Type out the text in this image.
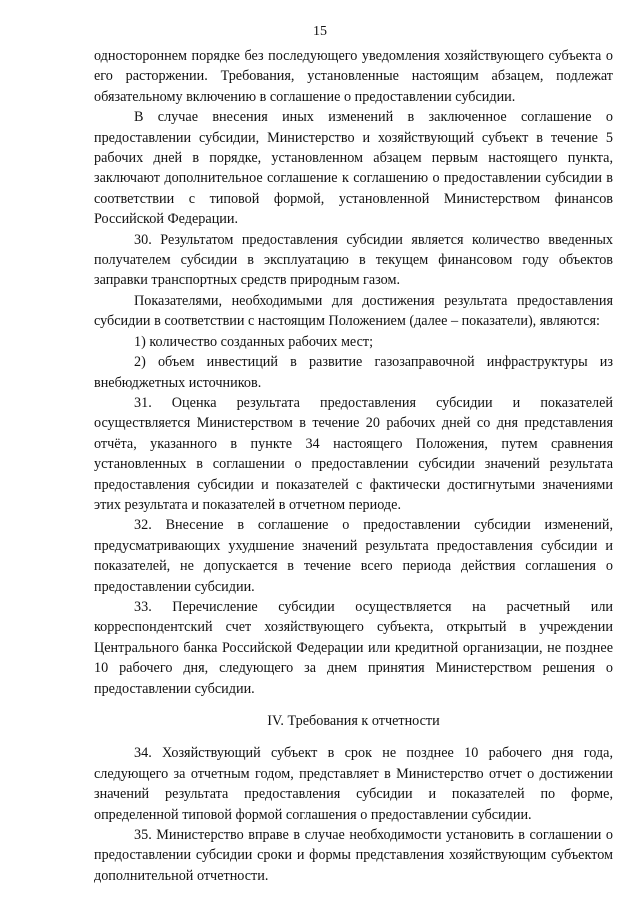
15

одностороннем порядке без последующего уведомления хозяйствующего субъекта о его расторжении. Требования, установленные настоящим абзацем, подлежат обязательному включению в соглашение о предоставлении субсидии.

В случае внесения иных изменений в заключенное соглашение о предоставлении субсидии, Министерство и хозяйствующий субъект в течение 5 рабочих дней в порядке, установленном абзацем первым настоящего пункта, заключают дополнительное соглашение к соглашению о предоставлении субсидии в соответствии с типовой формой, установленной Министерством финансов Российской Федерации.

30. Результатом предоставления субсидии является количество введенных получателем субсидии в эксплуатацию в текущем финансовом году объектов заправки транспортных средств природным газом.

Показателями, необходимыми для достижения результата предоставления субсидии в соответствии с настоящим Положением (далее – показатели), являются:

1) количество созданных рабочих мест;

2) объем инвестиций в развитие газозаправочной инфраструктуры из внебюджетных источников.

31. Оценка результата предоставления субсидии и показателей осуществляется Министерством в течение 20 рабочих дней со дня представления отчёта, указанного в пункте 34 настоящего Положения, путем сравнения установленных в соглашении о предоставлении субсидии значений результата предоставления субсидии и показателей с фактически достигнутыми значениями этих результата и показателей в отчетном периоде.

32. Внесение в соглашение о предоставлении субсидии изменений, предусматривающих ухудшение значений результата предоставления субсидии и показателей, не допускается в течение всего периода действия соглашения о предоставлении субсидии.

33. Перечисление субсидии осуществляется на расчетный или корреспондентский счет хозяйствующего субъекта, открытый в учреждении Центрального банка Российской Федерации или кредитной организации, не позднее 10 рабочего дня, следующего за днем принятия Министерством решения о предоставлении субсидии.

IV. Требования к отчетности

34. Хозяйствующий субъект в срок не позднее 10 рабочего дня года, следующего за отчетным годом, представляет в Министерство отчет о достижении значений результата предоставления субсидии и показателей по форме, определенной типовой формой соглашения о предоставлении субсидии.

35. Министерство вправе в случае необходимости установить в соглашении о предоставлении субсидии сроки и формы представления хозяйствующим субъектом дополнительной отчетности.
